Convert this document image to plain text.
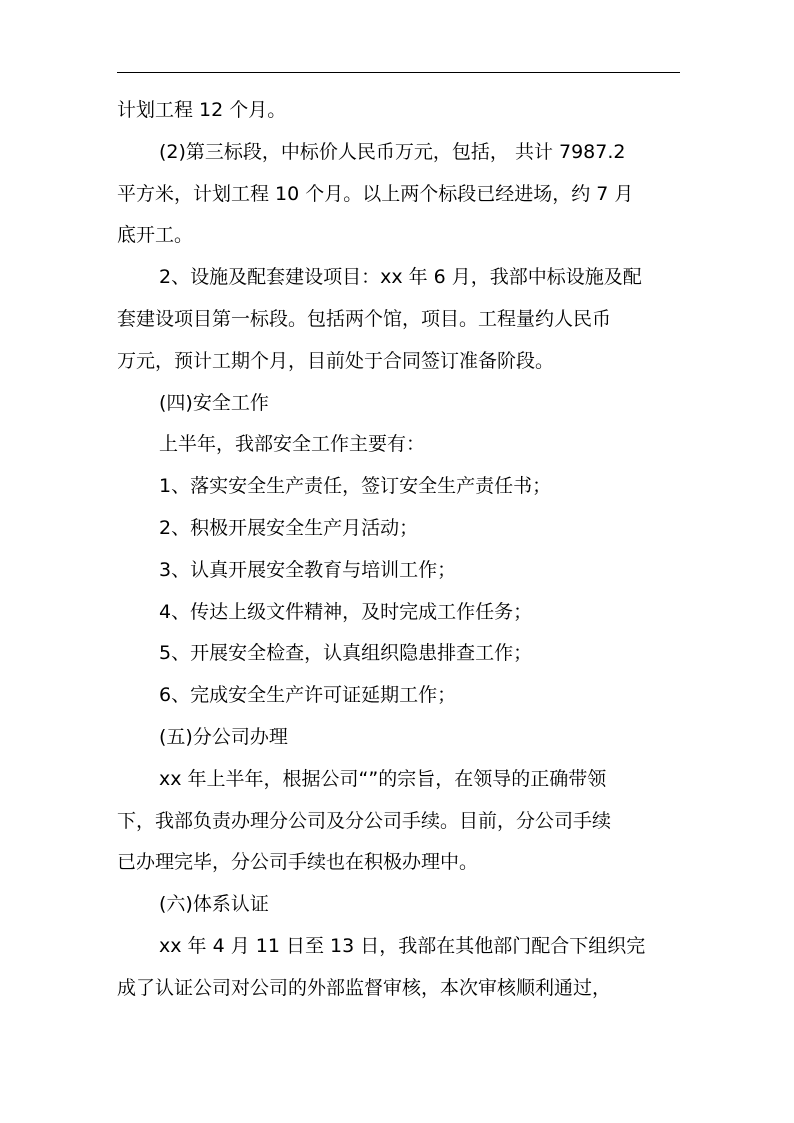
计划工程 12 个月。
(2)第三标段，中标价人民币万元，包括， 共计 7987.2
平方米，计划工程 10 个月。以上两个标段已经进场，约 7 月
底开工。
2、设施及配套建设项目：xx 年 6 月，我部中标设施及配
套建设项目第一标段。包括两个馆，项目。工程量约人民币
万元，预计工期个月，目前处于合同签订准备阶段。
(四)安全工作
上半年，我部安全工作主要有：
1、落实安全生产责任，签订安全生产责任书；
2、积极开展安全生产月活动；
3、认真开展安全教育与培训工作；
4、传达上级文件精神，及时完成工作任务；
5、开展安全检查，认真组织隐患排查工作；
6、完成安全生产许可证延期工作；
(五)分公司办理
xx 年上半年，根据公司“”的宗旨，在领导的正确带领
下，我部负责办理分公司及分公司手续。目前，分公司手续
已办理完毕，分公司手续也在积极办理中。
(六)体系认证
xx 年 4 月 11 日至 13 日，我部在其他部门配合下组织完
成了认证公司对公司的外部监督审核，本次审核顺利通过，
